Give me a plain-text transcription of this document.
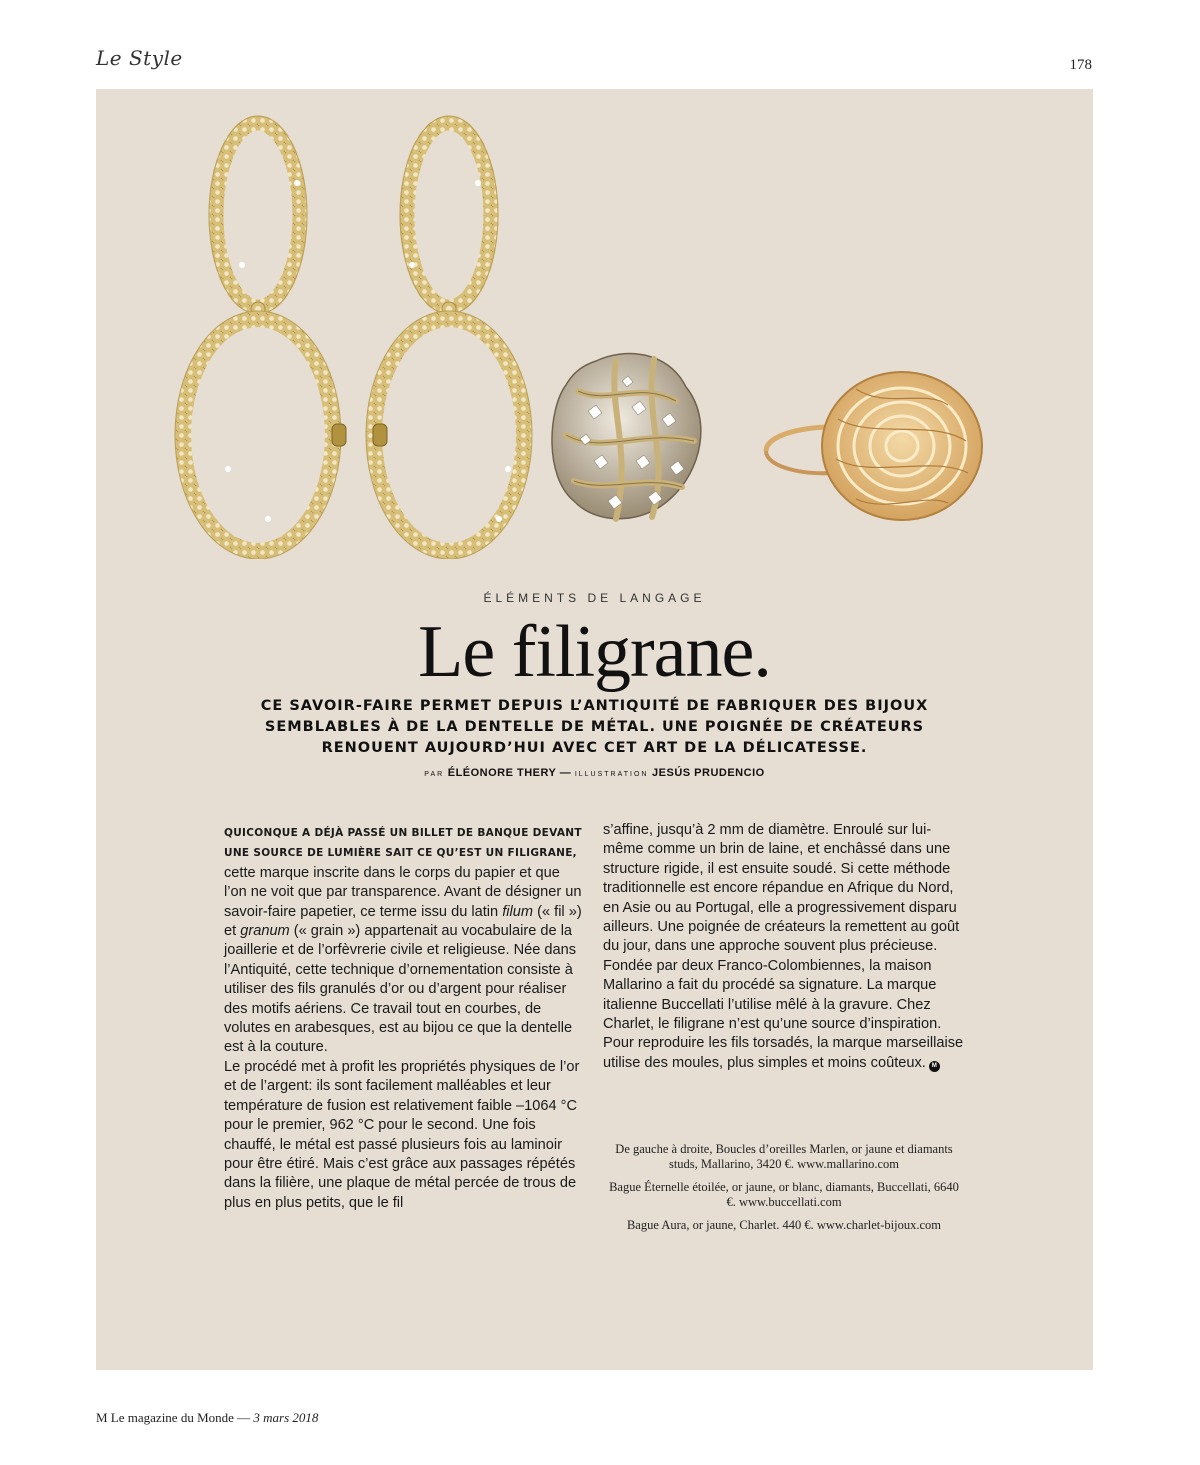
Le Style	178
ÉLÉMENTS DE LANGAGE
Le filigrane.
CE SAVOIR-FAIRE PERMET DEPUIS L’ANTIQUITÉ DE FABRIQUER DES BIJOUX SEMBLABLES À DE LA DENTELLE DE MÉTAL. UNE POIGNÉE DE CRÉATEURS RENOUENT AUJOURD’HUI AVEC CET ART DE LA DÉLICATESSE.
PAR ÉLÉONORE THERY — ILLUSTRATION JESÚS PRUDENCIO
QUICONQUE A DÉJÀ PASSÉ UN BILLET DE BANQUE DEVANT UNE SOURCE DE LUMIÈRE SAIT CE QU’EST UN FILIGRANE, cette marque inscrite dans le corps du papier et que l’on ne voit que par transparence. Avant de désigner un savoir-faire papetier, ce terme issu du latin filum (« fil ») et granum (« grain ») appartenait au vocabulaire de la joaillerie et de l’orfèvrerie civile et religieuse. Née dans l’Antiquité, cette technique d’ornementation consiste à utiliser des fils granulés d’or ou d’argent pour réaliser des motifs aériens. Ce travail tout en courbes, de volutes en arabesques, est au bijou ce que la dentelle est à la couture.
Le procédé met à profit les propriétés physiques de l’or et de l’argent: ils sont facilement malléables et leur température de fusion est relativement faible –1064 °C pour le premier, 962 °C pour le second. Une fois chauffé, le métal est passé plusieurs fois au laminoir pour être étiré. Mais c’est grâce aux passages répétés dans la filière, une plaque de métal percée de trous de plus en plus petits, que le fil
s’affine, jusqu’à 2 mm de diamètre. Enroulé sur lui-même comme un brin de laine, et enchâssé dans une structure rigide, il est ensuite soudé. Si cette méthode traditionnelle est encore répandue en Afrique du Nord, en Asie ou au Portugal, elle a progressivement disparu ailleurs. Une poignée de créateurs la remettent au goût du jour, dans une approche souvent plus précieuse. Fondée par deux Franco-Colombiennes, la maison Mallarino a fait du procédé sa signature. La marque italienne Buccellati l’utilise mêlé à la gravure. Chez Charlet, le filigrane n’est qu’une source d’inspiration. Pour reproduire les fils torsadés, la marque marseillaise utilise des moules, plus simples et moins coûteux. M
De gauche à droite, Boucles d’oreilles Marlen, or jaune et diamants studs, Mallarino, 3420 €. www.mallarino.com
Bague Éternelle étoilée, or jaune, or blanc, diamants, Buccellati, 6640 €. www.buccellati.com
Bague Aura, or jaune, Charlet. 440 €. www.charlet-bijoux.com
M Le magazine du Monde — 3 mars 2018
